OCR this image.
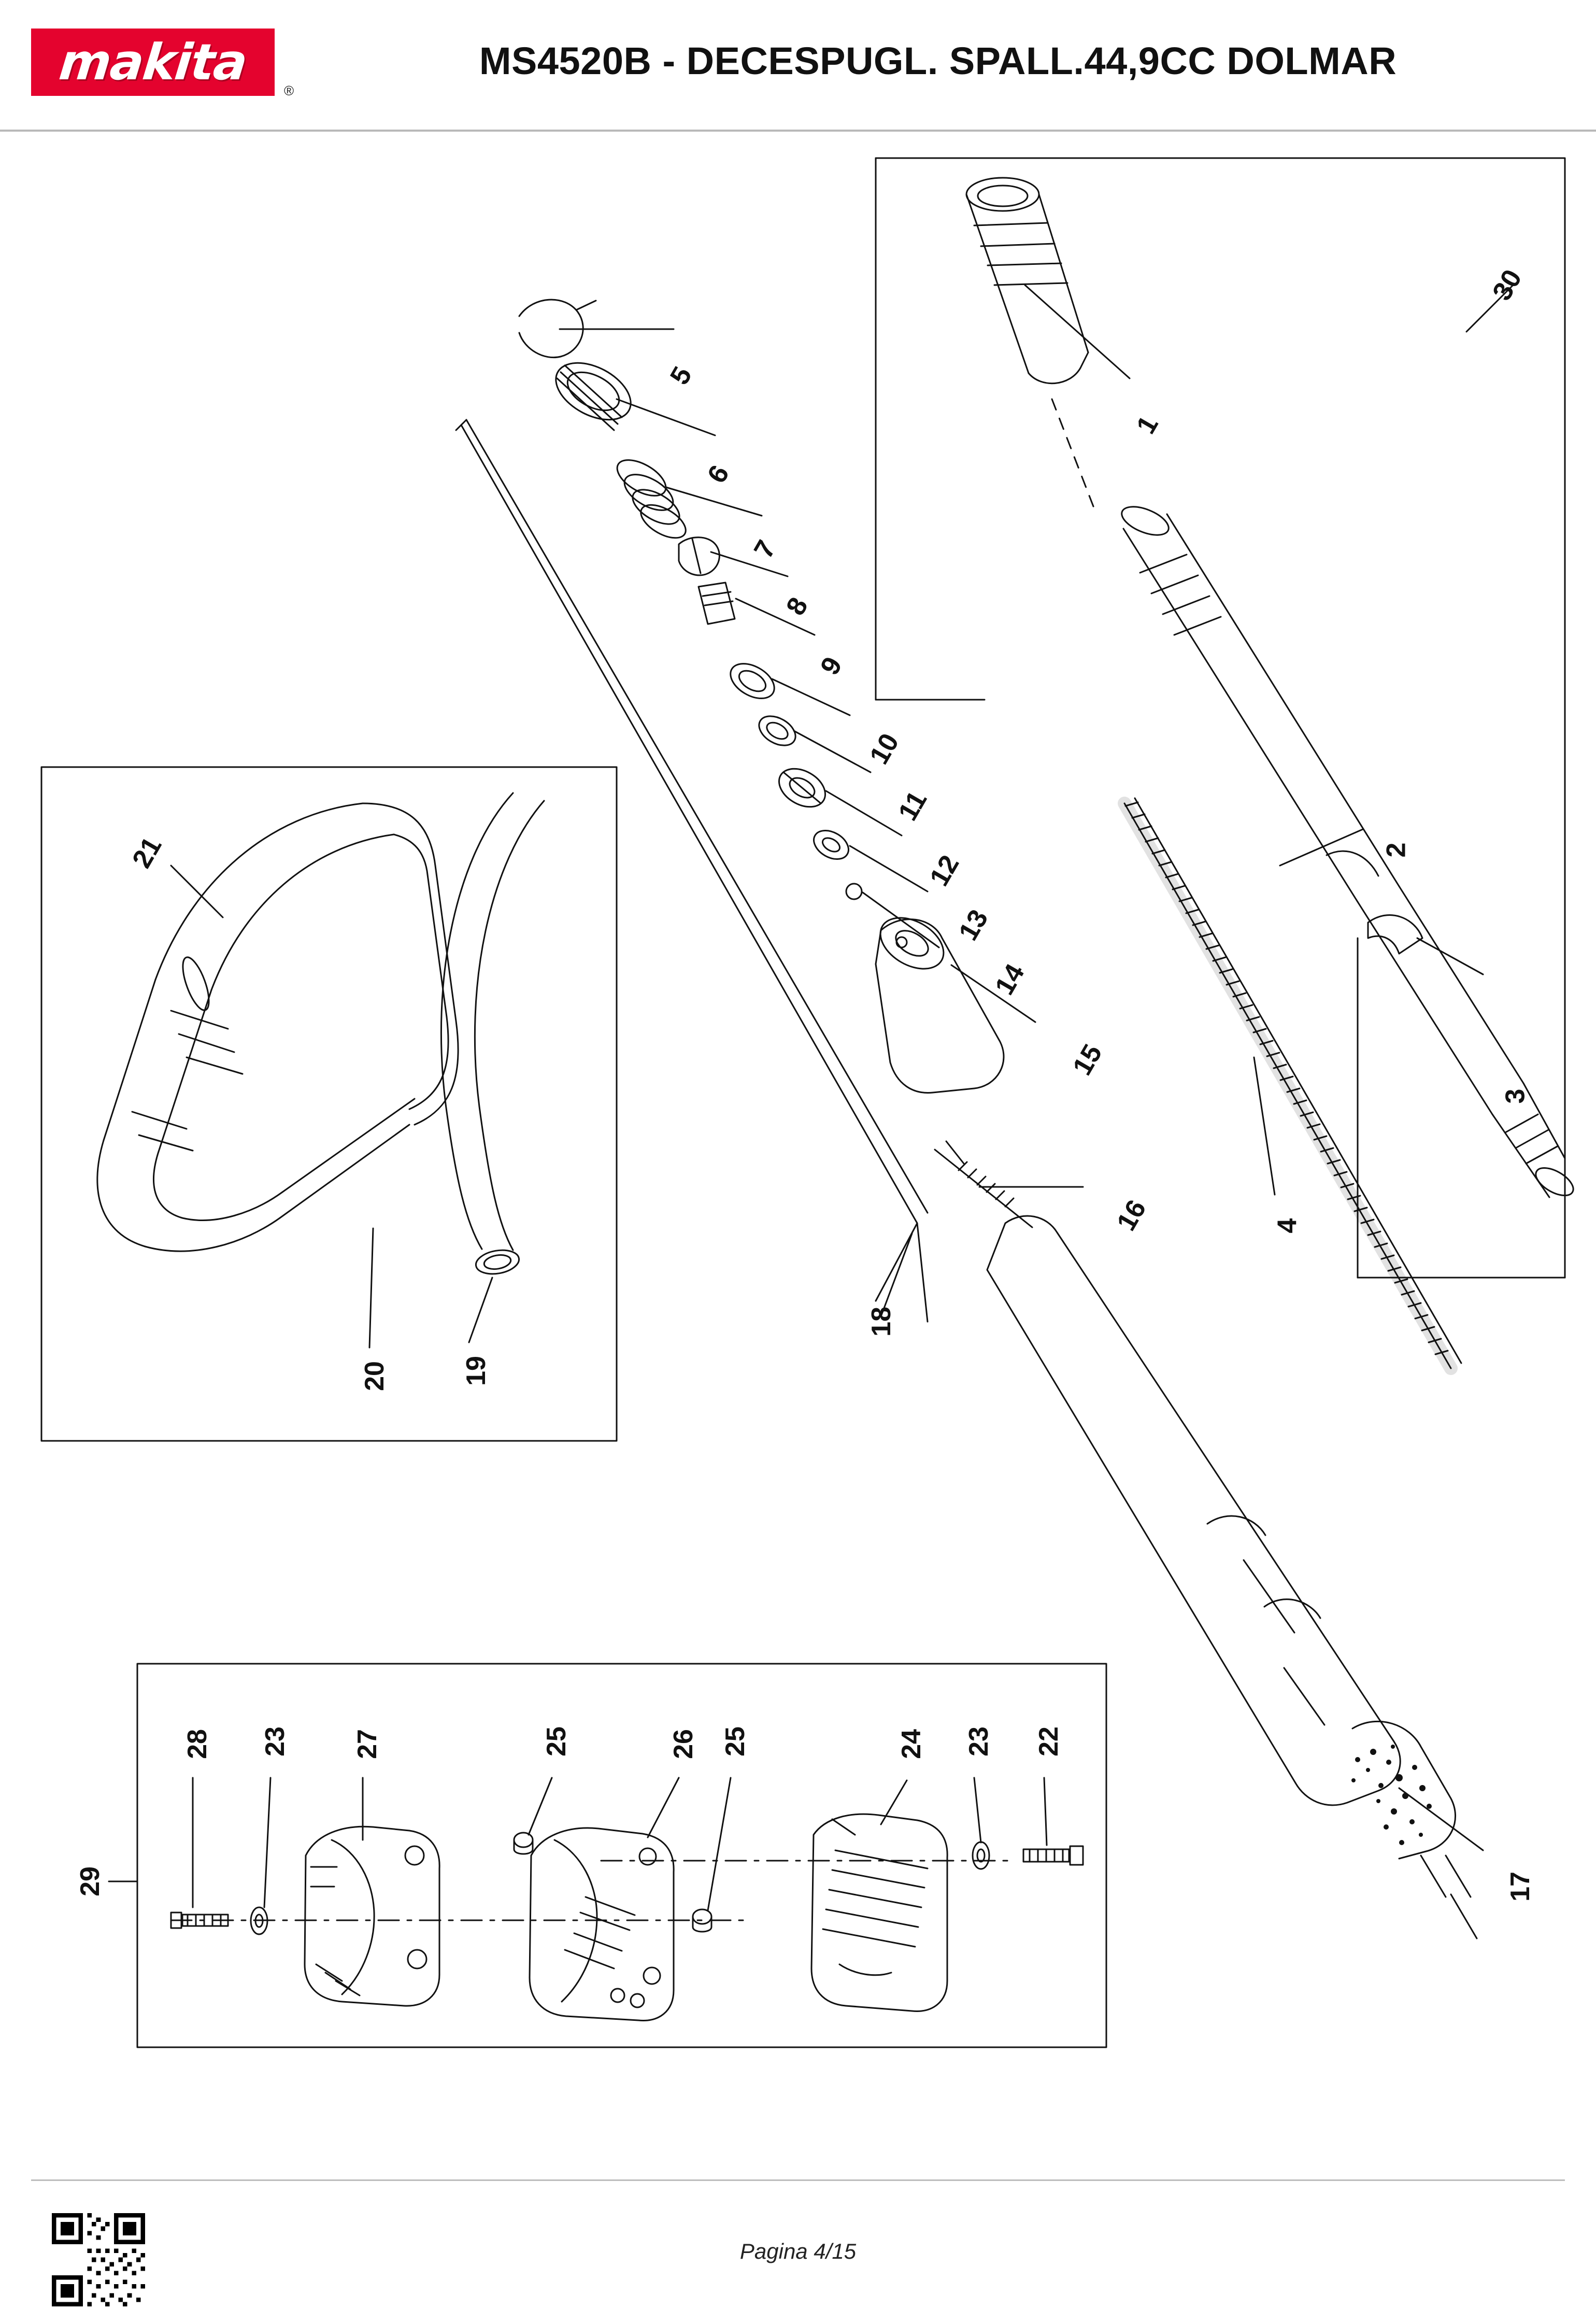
makita	®
MS4520B - DECESPUGL. SPALL.44,9CC DOLMAR
1
2
3
4
5
6
7
8
9
10
11
12
13
14
15
16
17
18
19
20
21
22
23
24
25
26
25
27
23
28
29
30
Pagina 4/15
